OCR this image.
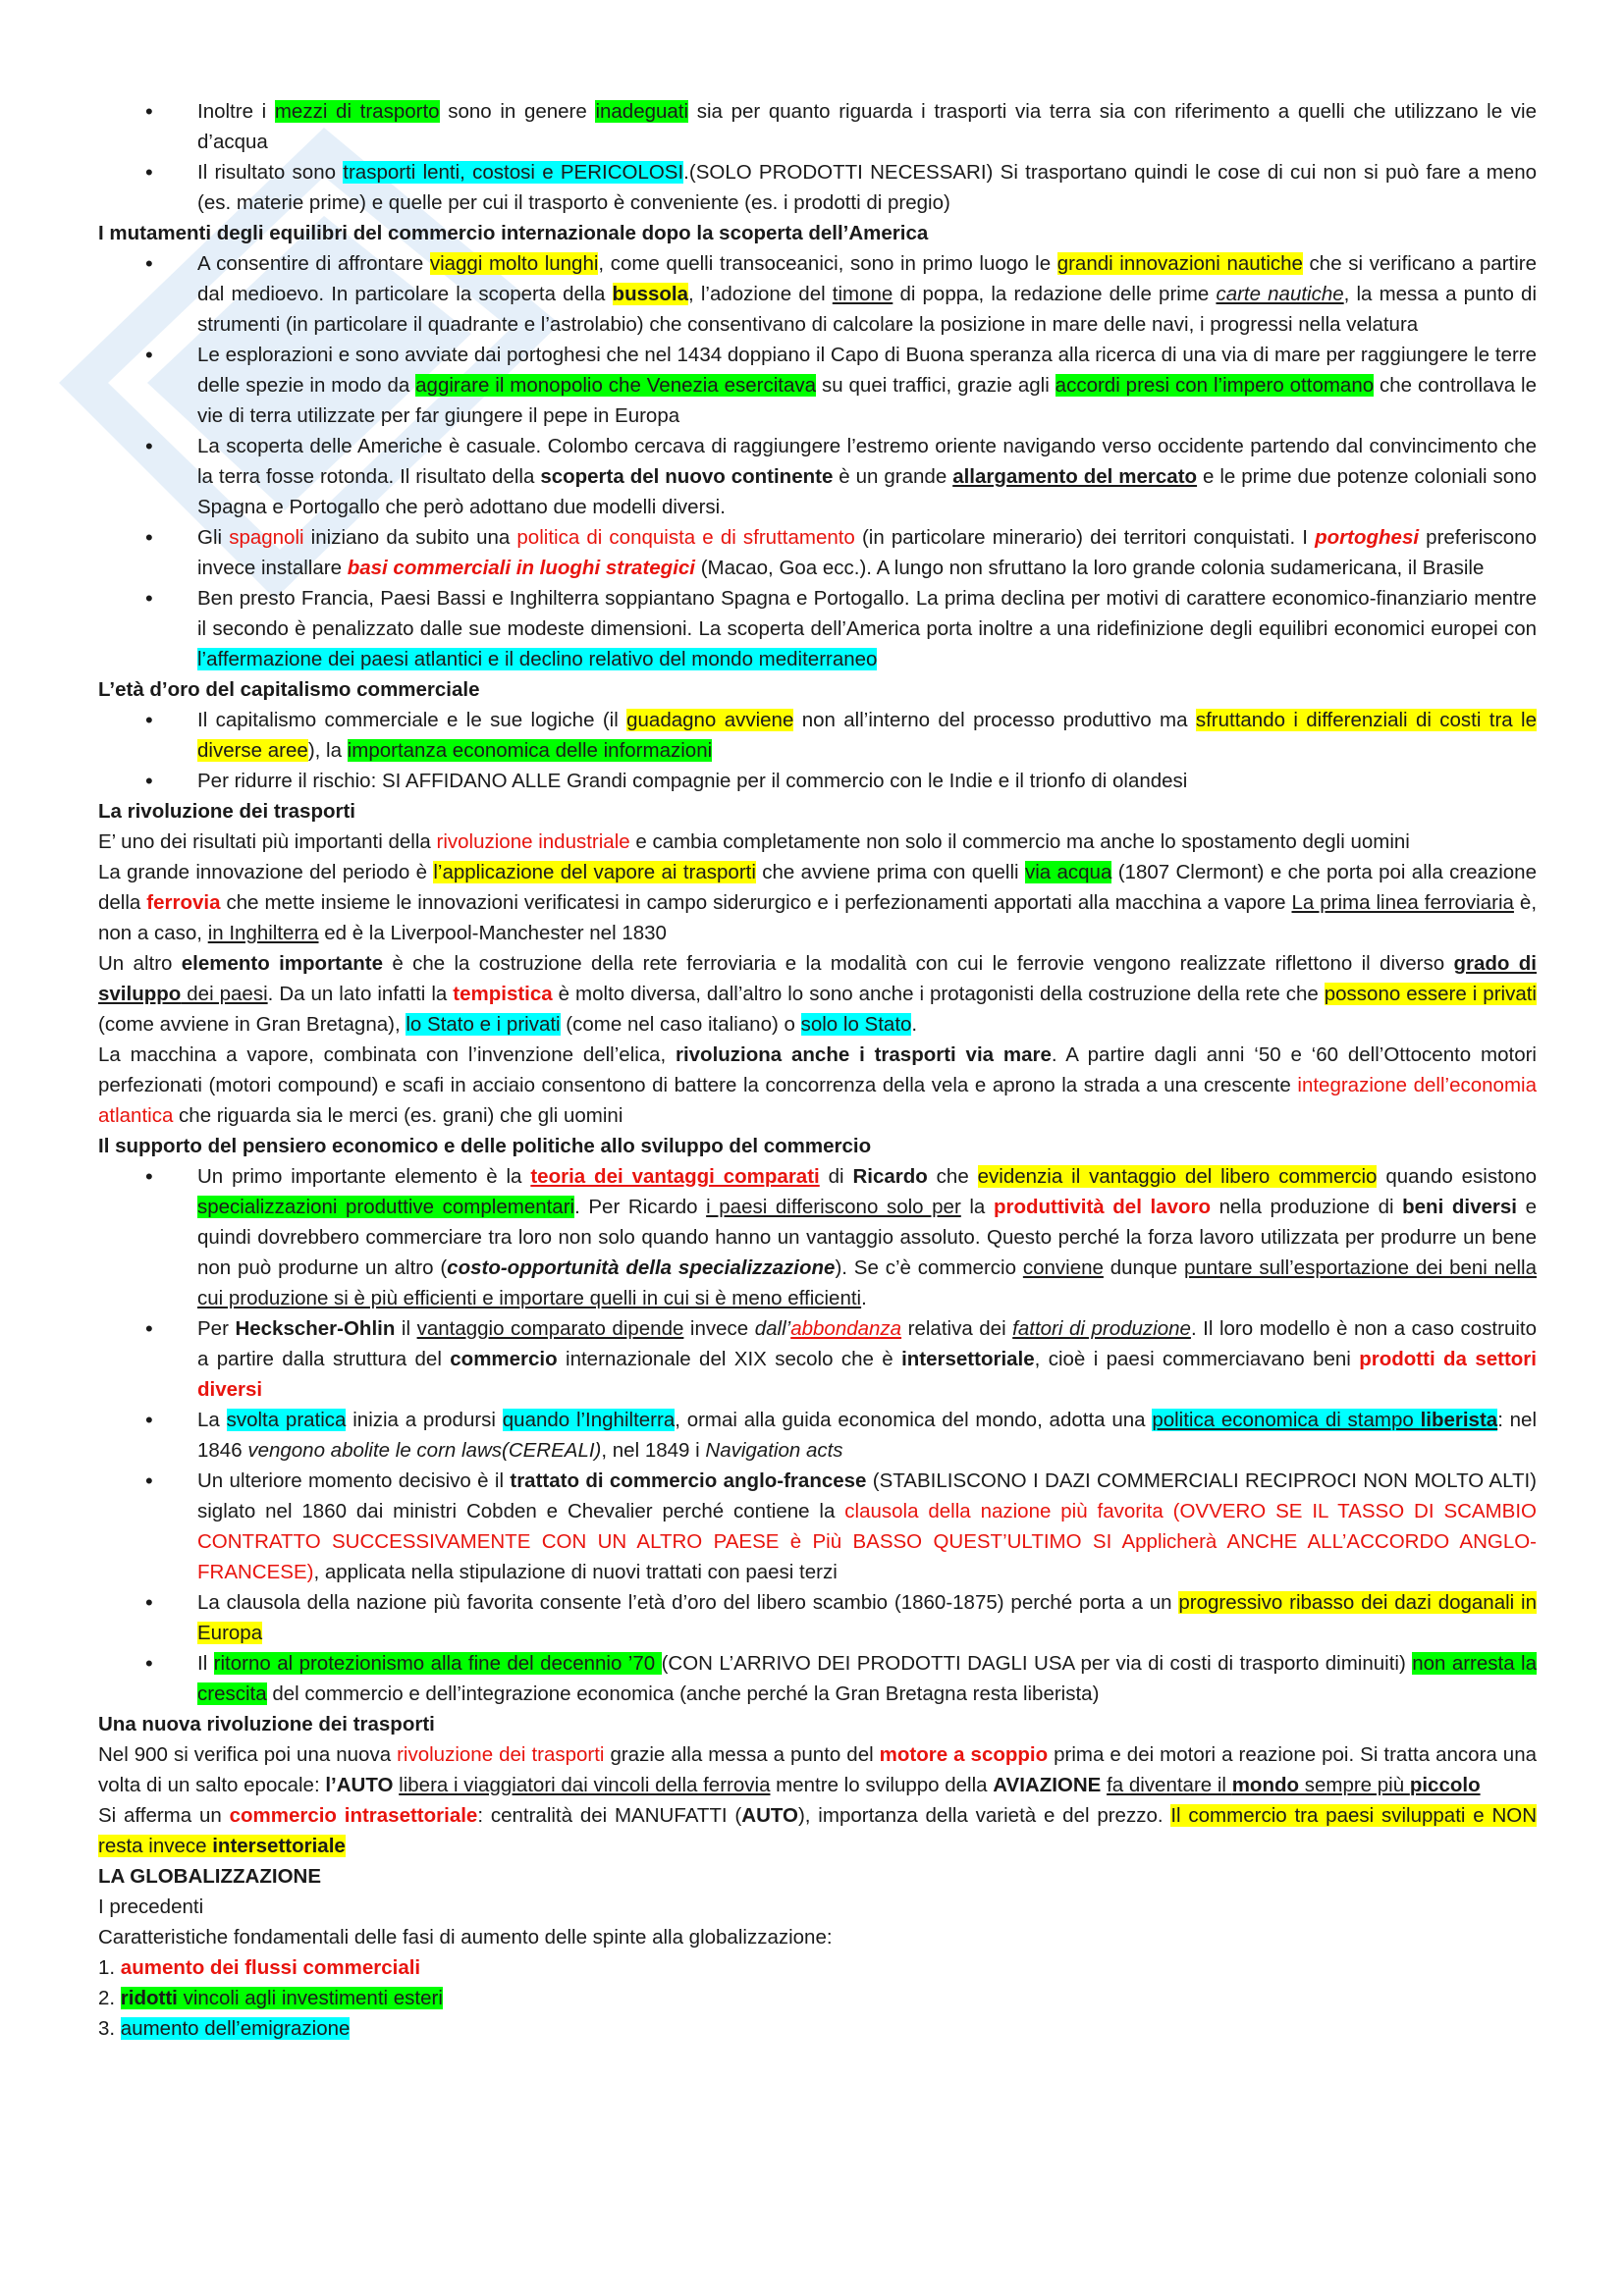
• Inoltre i mezzi di trasporto sono in genere inadeguati sia per quanto riguarda i trasporti via terra sia con riferimento a quelli che utilizzano le vie d’acqua
• Il risultato sono trasporti lenti, costosi e PERICOLOSI.(SOLO PRODOTTI NECESSARI) Si trasportano quindi le cose di cui non si può fare a meno (es. materie prime) e quelle per cui il trasporto è conveniente (es. i prodotti di pregio)
I mutamenti degli equilibri del commercio internazionale dopo la scoperta dell’America
• A consentire di affrontare viaggi molto lunghi, come quelli transoceanici, sono in primo luogo le grandi innovazioni nautiche che si verificano a partire dal medioevo. In particolare la scoperta della bussola, l’adozione del timone di poppa, la redazione delle prime carte nautiche, la messa a punto di strumenti (in particolare il quadrante e l’astrolabio) che consentivano di calcolare la posizione in mare delle navi, i progressi nella velatura
• Le esplorazioni e sono avviate dai portoghesi che nel 1434 doppiano il Capo di Buona speranza alla ricerca di una via di mare per raggiungere le terre delle spezie in modo da aggirare il monopolio che Venezia esercitava su quei traffici, grazie agli accordi presi con l’impero ottomano che controllava le vie di terra utilizzate per far giungere il pepe in Europa
• La scoperta delle Americhe è casuale. Colombo cercava di raggiungere l’estremo oriente navigando verso occidente partendo dal convincimento che la terra fosse rotonda. Il risultato della scoperta del nuovo continente è un grande allargamento del mercato e le prime due potenze coloniali sono Spagna e Portogallo che però adottano due modelli diversi.
• Gli spagnoli iniziano da subito una politica di conquista e di sfruttamento (in particolare minerario) dei territori conquistati. I portoghesi preferiscono invece installare basi commerciali in luoghi strategici (Macao, Goa ecc.). A lungo non sfruttano la loro grande colonia sudamericana, il Brasile
• Ben presto Francia, Paesi Bassi e Inghilterra soppiantano Spagna e Portogallo. La prima declina per motivi di carattere economico-finanziario mentre il secondo è penalizzato dalle sue modeste dimensioni. La scoperta dell’America porta inoltre a una ridefinizione degli equilibri economici europei con l’affermazione dei paesi atlantici e il declino relativo del mondo mediterraneo
L’età d’oro del capitalismo commerciale
• Il capitalismo commerciale e le sue logiche (il guadagno avviene non all’interno del processo produttivo ma sfruttando i differenziali di costi tra le diverse aree), la importanza economica delle informazioni
• Per ridurre il rischio: SI AFFIDANO ALLE Grandi compagnie per il commercio con le Indie e il trionfo di olandesi
La rivoluzione dei trasporti
E’ uno dei risultati più importanti della rivoluzione industriale e cambia completamente non solo il commercio ma anche lo spostamento degli uomini
La grande innovazione del periodo è l’applicazione del vapore ai trasporti che avviene prima con quelli via acqua (1807 Clermont) e che porta poi alla creazione della ferrovia che mette insieme le innovazioni verificatesi in campo siderurgico e i perfezionamenti apportati alla macchina a vapore La prima linea ferroviaria è, non a caso, in Inghilterra ed è la Liverpool-Manchester nel 1830
Un altro elemento importante è che la costruzione della rete ferroviaria e la modalità con cui le ferrovie vengono realizzate riflettono il diverso grado di sviluppo dei paesi. Da un lato infatti la tempistica è molto diversa, dall’altro lo sono anche i protagonisti della costruzione della rete che possono essere i privati (come avviene in Gran Bretagna), lo Stato e i privati (come nel caso italiano) o solo lo Stato.
La macchina a vapore, combinata con l’invenzione dell’elica, rivoluziona anche i trasporti via mare. A partire dagli anni ‘50 e ‘60 dell’Ottocento motori perfezionati (motori compound) e scafi in acciaio consentono di battere la concorrenza della vela e aprono la strada a una crescente integrazione dell’economia atlantica che riguarda sia le merci (es. grani) che gli uomini
Il supporto del pensiero economico e delle politiche allo sviluppo del commercio
• Un primo importante elemento è la teoria dei vantaggi comparati di Ricardo che evidenzia il vantaggio del libero commercio quando esistono specializzazioni produttive complementari. Per Ricardo i paesi differiscono solo per la produttività del lavoro nella produzione di beni diversi e quindi dovrebbero commerciare tra loro non solo quando hanno un vantaggio assoluto. Questo perché la forza lavoro utilizzata per produrre un bene non può produrne un altro (costo-opportunità della specializzazione). Se c’è commercio conviene dunque puntare sull’esportazione dei beni nella cui produzione si è più efficienti e importare quelli in cui si è meno efficienti.
• Per Heckscher-Ohlin il vantaggio comparato dipende invece dall’abbondanza relativa dei fattori di produzione. Il loro modello è non a caso costruito a partire dalla struttura del commercio internazionale del XIX secolo che è intersettoriale, cioè i paesi commerciavano beni prodotti da settori diversi
• La svolta pratica inizia a prodursi quando l’Inghilterra, ormai alla guida economica del mondo, adotta una politica economica di stampo liberista: nel 1846 vengono abolite le corn laws(CEREALI), nel 1849 i Navigation acts
• Un ulteriore momento decisivo è il trattato di commercio anglo-francese (STABILISCONO I DAZI COMMERCIALI RECIPROCI NON MOLTO ALTI) siglato nel 1860 dai ministri Cobden e Chevalier perché contiene la clausola della nazione più favorita (OVVERO SE IL TASSO DI SCAMBIO CONTRATTO SUCCESSIVAMENTE CON UN ALTRO PAESE è Più BASSO QUEST’ULTIMO SI Applicherà ANCHE ALL’ACCORDO ANGLO-FRANCESE), applicata nella stipulazione di nuovi trattati con paesi terzi
• La clausola della nazione più favorita consente l’età d’oro del libero scambio (1860-1875) perché porta a un progressivo ribasso dei dazi doganali in Europa
• Il ritorno al protezionismo alla fine del decennio ’70 (CON L’ARRIVO DEI PRODOTTI DAGLI USA per via di costi di trasporto diminuiti) non arresta la crescita del commercio e dell’integrazione economica (anche perché la Gran Bretagna resta liberista)
Una nuova rivoluzione dei trasporti
Nel 900 si verifica poi una nuova rivoluzione dei trasporti grazie alla messa a punto del motore a scoppio prima e dei motori a reazione poi. Si tratta ancora una volta di un salto epocale: l’AUTO libera i viaggiatori dai vincoli della ferrovia mentre lo sviluppo della AVIAZIONE fa diventare il mondo sempre più piccolo
Si afferma un commercio intrasettoriale: centralità dei MANUFATTI (AUTO), importanza della varietà e del prezzo. Il commercio tra paesi sviluppati e NON resta invece intersettoriale
LA GLOBALIZZAZIONE
I precedenti
Caratteristiche fondamentali delle fasi di aumento delle spinte alla globalizzazione:
1. aumento dei flussi commerciali
2. ridotti vincoli agli investimenti esteri
3. aumento dell’emigrazione
